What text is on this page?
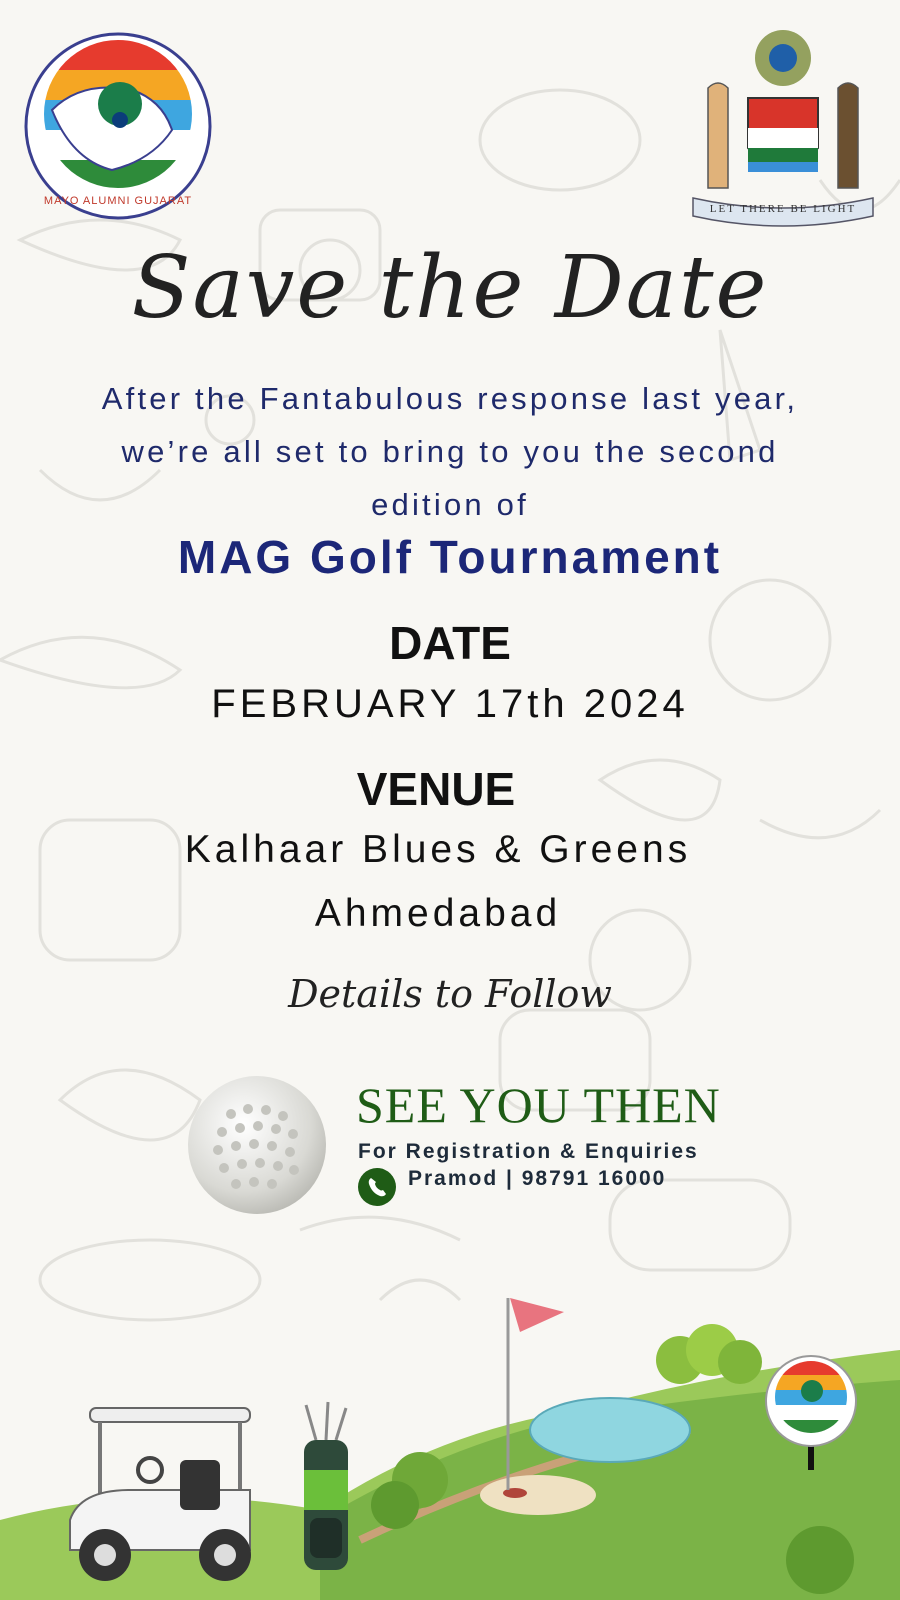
MAYO ALUMNI GUJARAT
LET THERE BE LIGHT
Save the Date
After the Fantabulous response last year, we’re all set to bring to you the second edition of
MAG Golf Tournament
DATE
FEBRUARY 17th 2024
VENUE
Kalhaar Blues & Greens
Ahmedabad
Details to Follow
SEE YOU THEN
For Registration & Enquiries
Pramod | 98791 16000
